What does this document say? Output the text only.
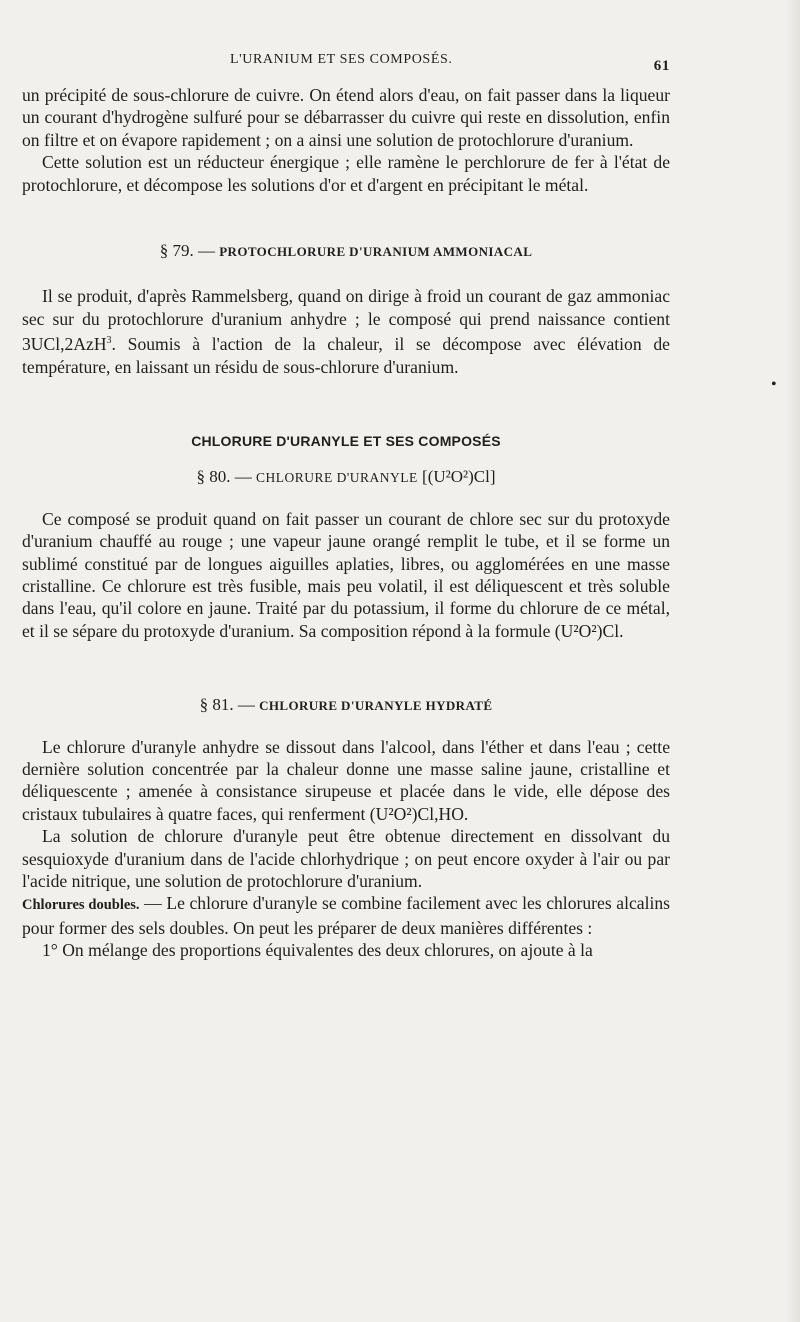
L'URANIUM ET SES COMPOSÉS.	61

un précipité de sous-chlorure de cuivre. On étend alors d'eau, on fait passer dans la liqueur un courant d'hydrogène sulfuré pour se débarrasser du cuivre qui reste en dissolution, enfin on filtre et on évapore rapidement ; on a ainsi une solution de protochlorure d'uranium.

Cette solution est un réducteur énergique ; elle ramène le perchlorure de fer à l'état de protochlorure, et décompose les solutions d'or et d'argent en précipitant le métal.

§ 79. — PROTOCHLORURE D'URANIUM AMMONIACAL

Il se produit, d'après Rammelsberg, quand on dirige à froid un courant de gaz ammoniac sec sur du protochlorure d'uranium anhydre ; le composé qui prend naissance contient 3UCl,2AzH$^3$. Soumis à l'action de la chaleur, il se décompose avec élévation de température, en laissant un résidu de sous-chlorure d'uranium.

CHLORURE D'URANYLE ET SES COMPOSÉS

§ 80. — CHLORURE D'URANYLE [(U²O²)Cl]

Ce composé se produit quand on fait passer un courant de chlore sec sur du protoxyde d'uranium chauffé au rouge ; une vapeur jaune orangé remplit le tube, et il se forme un sublimé constitué par de longues aiguilles aplaties, libres, ou agglomérées en une masse cristalline. Ce chlorure est très fusible, mais peu volatil, il est déliquescent et très soluble dans l'eau, qu'il colore en jaune. Traité par du potassium, il forme du chlorure de ce métal, et il se sépare du protoxyde d'uranium. Sa composition répond à la formule (U²O²)Cl.

§ 81. — CHLORURE D'URANYLE HYDRATÉ

Le chlorure d'uranyle anhydre se dissout dans l'alcool, dans l'éther et dans l'eau ; cette dernière solution concentrée par la chaleur donne une masse saline jaune, cristalline et déliquescente ; amenée à consistance sirupeuse et placée dans le vide, elle dépose des cristaux tubulaires à quatre faces, qui renferment (U²O²)Cl,HO.

La solution de chlorure d'uranyle peut être obtenue directement en dissolvant du sesquioxyde d'uranium dans de l'acide chlorhydrique ; on peut encore oxyder à l'air ou par l'acide nitrique, une solution de protochlorure d'uranium.

Chlorures doubles. — Le chlorure d'uranyle se combine facilement avec les chlorures alcalins pour former des sels doubles. On peut les préparer de deux manières différentes :

1° On mélange des proportions équivalentes des deux chlorures, on ajoute à la

•
